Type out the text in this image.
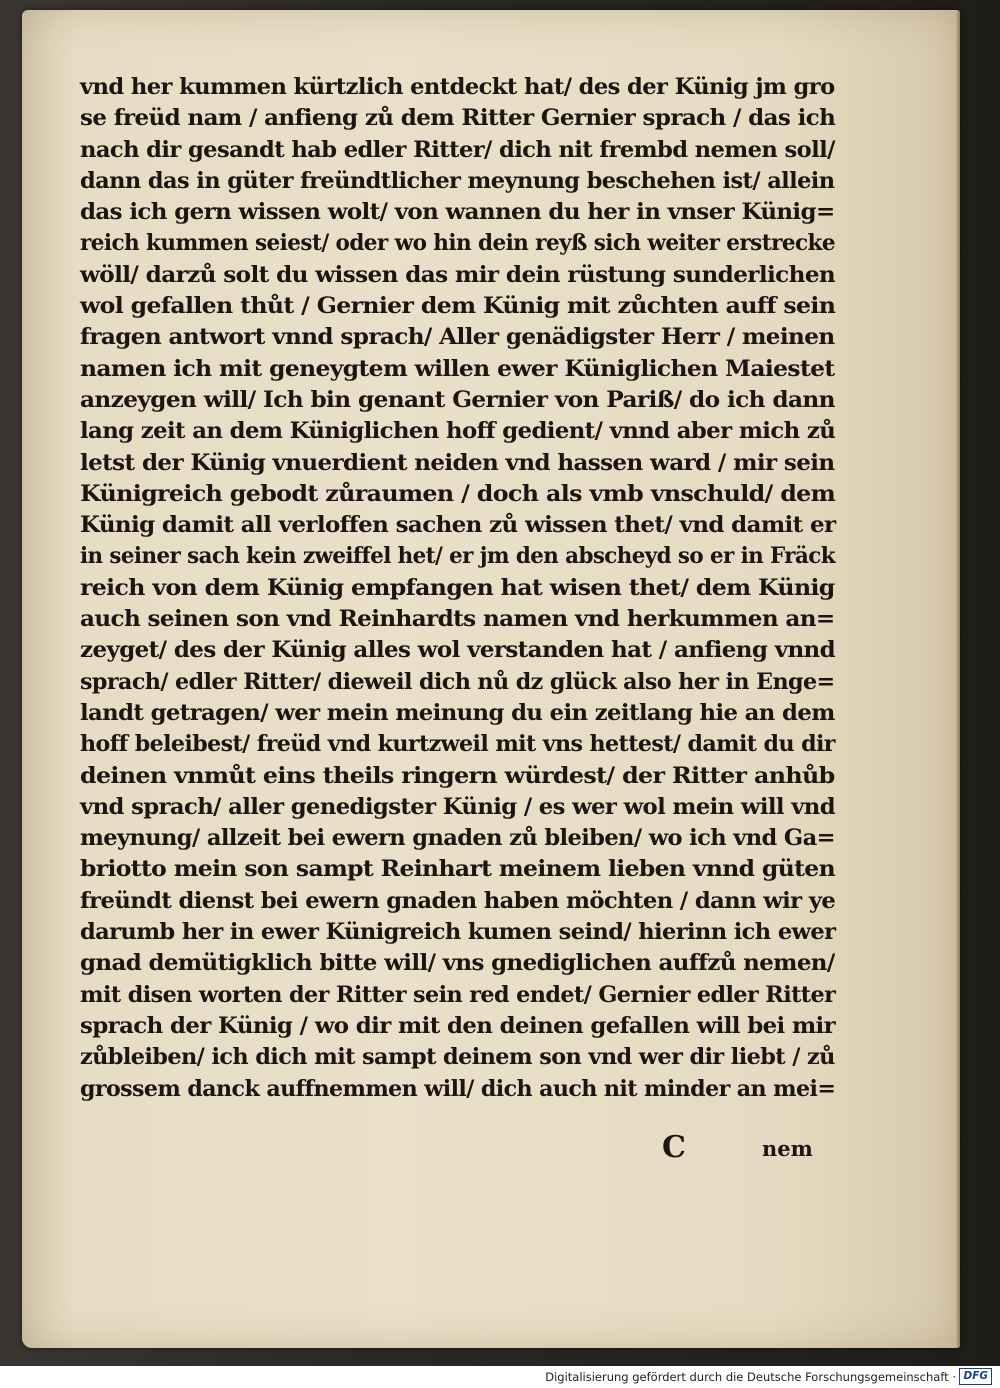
vnd her kummen kürtzlich entdeckt hat/ des der Künig jm gro
se freüd nam / anfieng zů dem Ritter Gernier sprach / das ich
nach dir gesandt hab edler Ritter/ dich nit frembd nemen soll/
dann das in güter freündtlicher meynung beschehen ist/ allein
das ich gern wissen wolt/ von wannen du her in vnser Künig=
reich kummen seiest/ oder wo hin dein reyß sich weiter erstrecke
wöll/ darzů solt du wissen das mir dein rüstung sunderlichen
wol gefallen thůt / Gernier dem Künig mit zůchten auff sein
fragen antwort vnnd sprach/ Aller genädigster Herr / meinen
namen ich mit geneygtem willen ewer Küniglichen Maiestet
anzeygen will/ Ich bin genant Gernier von Pariß/ do ich dann
lang zeit an dem Küniglichen hoff gedient/ vnnd aber mich zů
letst der Künig vnuerdient neiden vnd hassen ward / mir sein
Künigreich gebodt zůraumen / doch als vmb vnschuld/ dem
Künig damit all verloffen sachen zů wissen thet/ vnd damit er
in seiner sach kein zweiffel het/ er jm den abscheyd so er in Fräck
reich von dem Künig empfangen hat wisen thet/ dem Künig
auch seinen son vnd Reinhardts namen vnd herkummen an=
zeyget/ des der Künig alles wol verstanden hat / anfieng vnnd
sprach/ edler Ritter/ dieweil dich nů dz glück also her in Enge=
landt getragen/ wer mein meinung du ein zeitlang hie an dem
hoff beleibest/ freüd vnd kurtzweil mit vns hettest/ damit du dir
deinen vnmůt eins theils ringern würdest/ der Ritter anhůb
vnd sprach/ aller genedigster Künig / es wer wol mein will vnd
meynung/ allzeit bei ewern gnaden zů bleiben/ wo ich vnd Ga=
briotto mein son sampt Reinhart meinem lieben vnnd güten
freündt dienst bei ewern gnaden haben möchten / dann wir ye
darumb her in ewer Künigreich kumen seind/ hierinn ich ewer
gnad demütigklich bitte will/ vns gnediglichen auffzů nemen/
mit disen worten der Ritter sein red endet/ Gernier edler Ritter
sprach der Künig / wo dir mit den deinen gefallen will bei mir
zůbleiben/ ich dich mit sampt deinem son vnd wer dir liebt / zů
grossem danck auffnemmen will/ dich auch nit minder an mei=
C	nem
Digitalisierung gefördert durch die Deutsche Forschungsgemeinschaft · DFG
